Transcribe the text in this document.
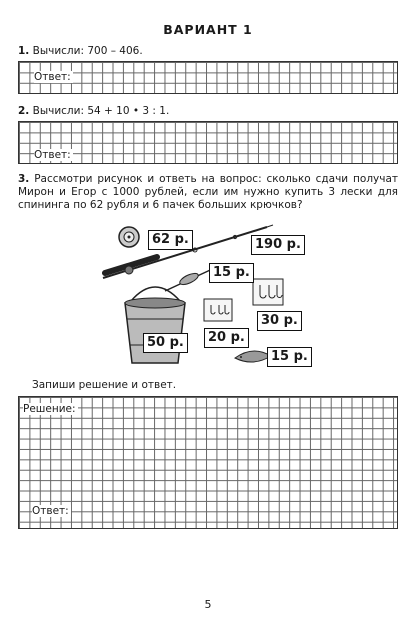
ВАРИАНТ 1
1. Вычисли: 700 – 406.
Ответ:
2. Вычисли: 54 + 10 • 3 : 1.
Ответ:
3. Рассмотри рисунок и ответь на вопрос: сколько сдачи получат Мирон и Егор с 1000 рублей, если им нужно купить 3 лески для спининга по 62 рубля и 6 пачек больших крючков?
62 р.	190 р.
15 р.
30 р.
20 р.
50 р.
15 р.
Запиши решение и ответ.
Решение:
Ответ:
5
